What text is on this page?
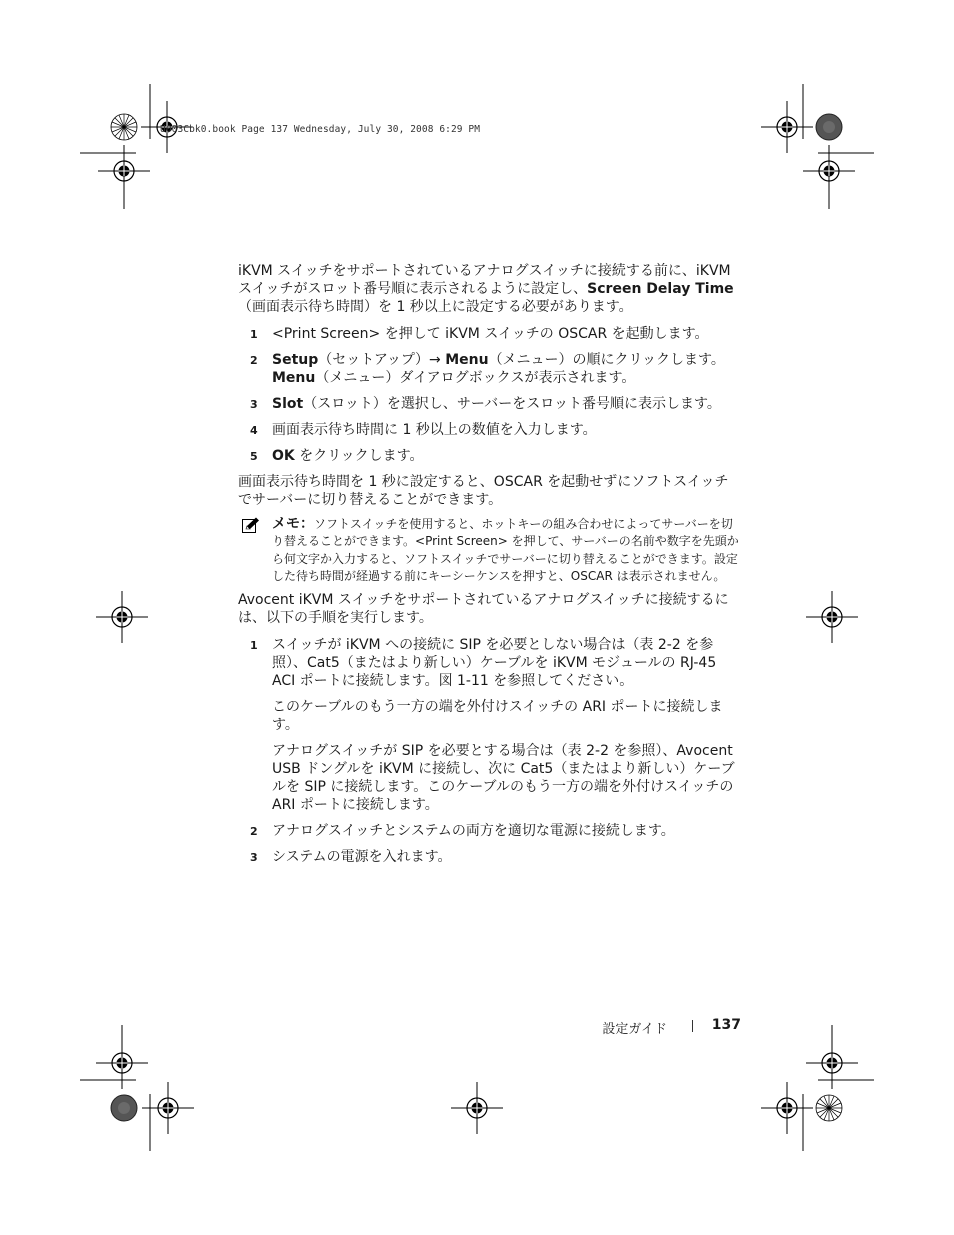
U003Cbk0.book Page 137 Wednesday, July 30, 2008 6:29 PM

iKVM スイッチをサポートされているアナログスイッチに接続する前に、iKVM スイッチがスロット番号順に表示されるように設定し、Screen Delay Time（画面表示待ち時間）を 1 秒以上に設定する必要があります。

1 <Print Screen> を押して iKVM スイッチの OSCAR を起動します。
2 Setup（セットアップ）→ Menu（メニュー）の順にクリックします。Menu（メニュー）ダイアログボックスが表示されます。
3 Slot（スロット）を選択し、サーバーをスロット番号順に表示します。
4 画面表示待ち時間に 1 秒以上の数値を入力します。
5 OK をクリックします。

画面表示待ち時間を 1 秒に設定すると、OSCAR を起動せずにソフトスイッチでサーバーに切り替えることができます。

メモ：ソフトスイッチを使用すると、ホットキーの組み合わせによってサーバーを切り替えることができます。<Print Screen> を押して、サーバーの名前や数字を先頭から何文字か入力すると、ソフトスイッチでサーバーに切り替えることができます。設定した待ち時間が経過する前にキーシーケンスを押すと、OSCAR は表示されません。

Avocent iKVM スイッチをサポートされているアナログスイッチに接続するには、以下の手順を実行します。

1 スイッチが iKVM への接続に SIP を必要としない場合は（表 2-2 を参照）、Cat5（またはより新しい）ケーブルを iKVM モジュールの RJ-45 ACI ポートに接続します。図 1-11 を参照してください。

このケーブルのもう一方の端を外付けスイッチの ARI ポートに接続します。

アナログスイッチが SIP を必要とする場合は（表 2-2 を参照）、Avocent USB ドングルを iKVM に接続し、次に Cat5（またはより新しい）ケーブルを SIP に接続します。このケーブルのもう一方の端を外付けスイッチの ARI ポートに接続します。

2 アナログスイッチとシステムの両方を適切な電源に接続します。
3 システムの電源を入れます。
設定ガイド	137
